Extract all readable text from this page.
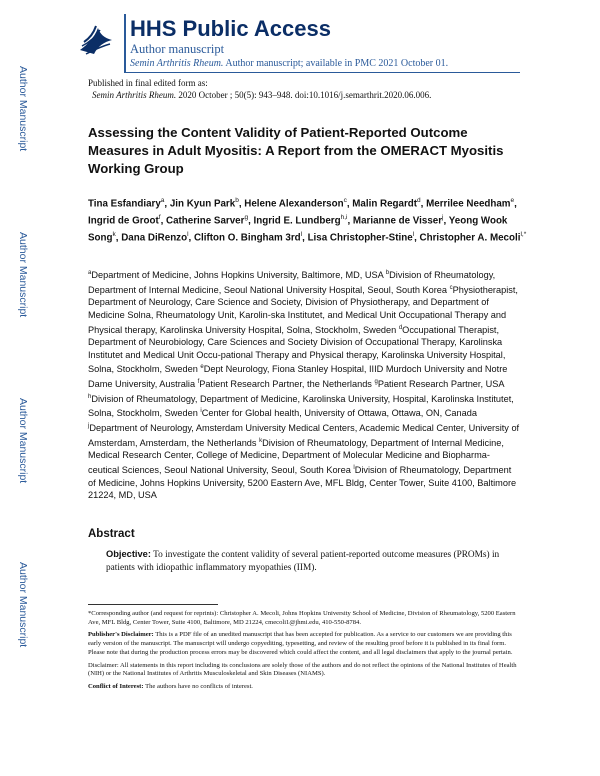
Author Manuscript
Author Manuscript
Author Manuscript
Author Manuscript
HHS Public Access
Author manuscript
Semin Arthritis Rheum. Author manuscript; available in PMC 2021 October 01.
Published in final edited form as:
Semin Arthritis Rheum. 2020 October ; 50(5): 943–948. doi:10.1016/j.semarthrit.2020.06.006.
Assessing the Content Validity of Patient-Reported Outcome Measures in Adult Myositis: A Report from the OMERACT Myositis Working Group
Tina Esfandiary$^a$, Jin Kyun Park$^b$, Helene Alexanderson$^c$, Malin Regardt$^d$, Merrilee Needham$^e$, Ingrid de Groot$^f$, Catherine Sarver$^g$, Ingrid E. Lundberg$^{h,i}$, Marianne de Visser$^j$, Yeong Wook Song$^k$, Dana DiRenzo$^l$, Clifton O. Bingham $3rd^l$, Lisa Christopher-Stine$^l$, Christopher A. Mecoli$^{l,*}$
$^a$Department of Medicine, Johns Hopkins University, Baltimore, MD, USA $^b$Division of Rheumatology, Department of Internal Medicine, Seoul National University Hospital, Seoul, South Korea $^c$Physiotherapist, Department of Neurology, Care Science and Society, Division of Physiotherapy, and Department of Medicine Solna, Rheumatology Unit, Karolin-ska Institutet, and Medical Unit Occupational Therapy and Physical therapy, Karolinska University Hospital, Solna, Stockholm, Sweden $^d$Occupational Therapist, Department of Neurobiology, Care Sciences and Society Division of Occupational Therapy, Karolinska Institutet and Medical Unit Occu-pational Therapy and Physical therapy, Karolinska University Hospital, Solna, Stockholm, Sweden $^e$Dept Neurology, Fiona Stanley Hospital, IIID Murdoch University and Notre Dame University, Australia $^f$Patient Research Partner, the Netherlands $^g$Patient Research Partner, USA $^h$Division of Rheumatology, Department of Medicine, Karolinska University, Hospital, Karolinska Institutet, Solna, Stockholm, Sweden $^i$Center for Global health, University of Ottawa, Ottawa, ON, Canada $^j$Department of Neurology, Amsterdam University Medical Centers, Academic Medical Center, University of Amsterdam, Amsterdam, the Netherlands $^k$Division of Rheumatology, Department of Internal Medicine, Medical Research Center, College of Medicine, Department of Molecular Medicine and Biopharma-ceutical Sciences, Seoul National University, Seoul, South Korea $^l$Division of Rheumatology, Department of Medicine, Johns Hopkins University, 5200 Eastern Ave, MFL Bldg, Center Tower, Suite 4100, Baltimore 21224, MD, USA
Abstract
Objective: To investigate the content validity of several patient-reported outcome measures (PROMs) in patients with idiopathic inflammatory myopathies (IIM).

*Corresponding author (and request for reprints): Christopher A. Mecoli, Johns Hopkins University School of Medicine, Division of Rheumatology, 5200 Eastern Ave, MFL Bldg, Center Tower, Suite 4100, Baltimore, MD 21224, cmecoli1@jhmi.edu, 410-550-8784.

Publisher's Disclaimer: This is a PDF file of an unedited manuscript that has been accepted for publication. As a service to our customers we are providing this early version of the manuscript. The manuscript will undergo copyediting, typesetting, and review of the resulting proof before it is published in its final form. Please note that during the production process errors may be discovered which could affect the content, and all legal disclaimers that apply to the journal pertain.

Disclaimer: All statements in this report including its conclusions are solely those of the authors and do not reflect the opinions of the National Institutes of Health (NIH) or the National Institutes of Arthritis Musculoskeletal and Skin Diseases (NIAMS).

Conflict of Interest: The authors have no conflicts of interest.
